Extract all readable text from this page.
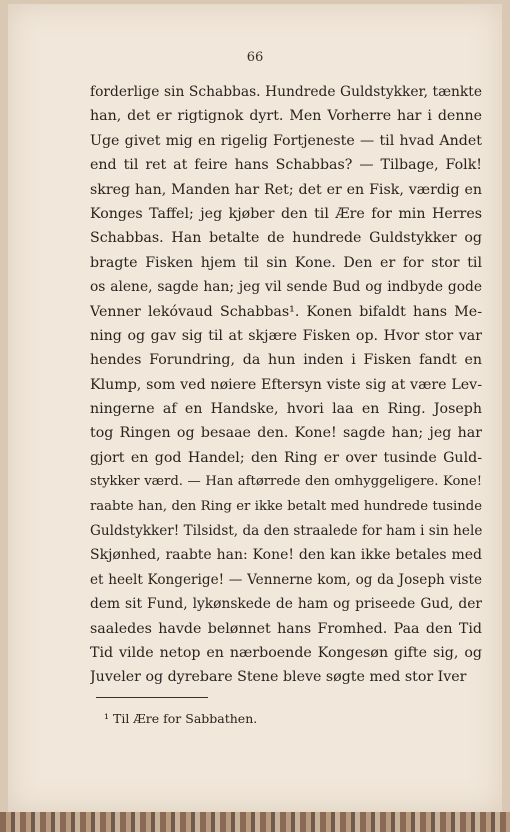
66
forderlige sin Schabbas. Hundrede Guldstykker, tænkte
han, det er rigtignok dyrt. Men Vorherre har i denne
Uge givet mig en rigelig Fortjeneste — til hvad Andet
end til ret at feire hans Schabbas? — Tilbage, Folk!
skreg han, Manden har Ret; det er en Fisk, værdig en
Konges Taffel; jeg kjøber den til Ære for min Herres
Schabbas. Han betalte de hundrede Guldstykker og
bragte Fisken hjem til sin Kone. Den er for stor til
os alene, sagde han; jeg vil sende Bud og indbyde gode
Venner lekóvaud Schabbas¹. Konen bifaldt hans Me-
ning og gav sig til at skjære Fisken op. Hvor stor var
hendes Forundring, da hun inden i Fisken fandt en
Klump, som ved nøiere Eftersyn viste sig at være Lev-
ningerne af en Handske, hvori laa en Ring. Joseph
tog Ringen og besaae den. Kone! sagde han; jeg har
gjort en god Handel; den Ring er over tusinde Guld-
stykker værd. — Han aftørrede den omhyggeligere. Kone!
raabte han, den Ring er ikke betalt med hundrede tusinde
Guldstykker! Tilsidst, da den straalede for ham i sin hele
Skjønhed, raabte han: Kone! den kan ikke betales med
et heelt Kongerige! — Vennerne kom, og da Joseph viste
dem sit Fund, lykønskede de ham og priseede Gud, der
saaledes havde belønnet hans Fromhed. Paa den Tid
Tid vilde netop en nærboende Kongesøn gifte sig, og
Juveler og dyrebare Stene bleve søgte med stor Iver
¹ Til Ære for Sabbathen.
